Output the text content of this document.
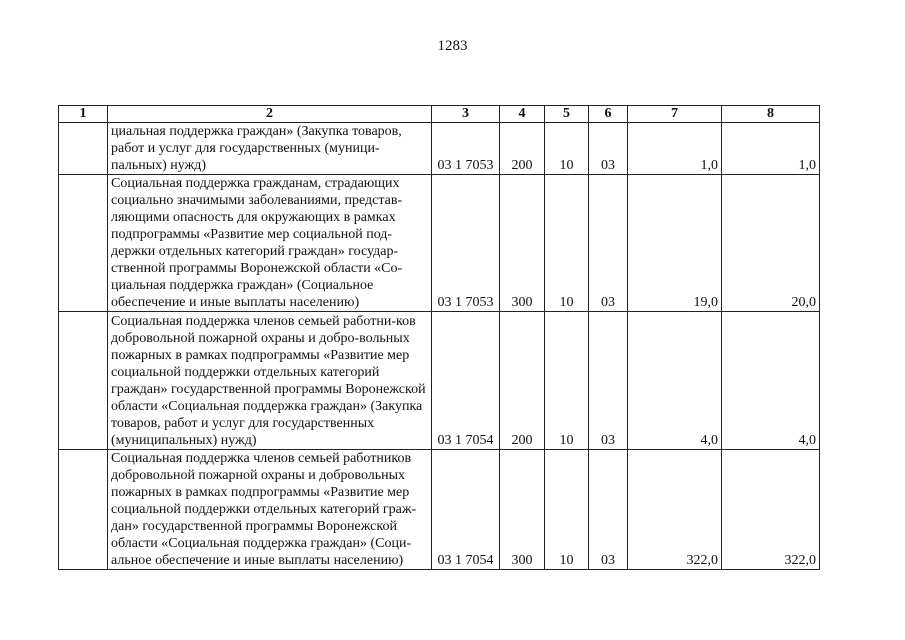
1283
1	2	3	4	5	6	7	8
	циальная поддержка граждан» (Закупка товаров, работ и услуг для государственных (муници-пальных) нужд)	03 1 7053	200	10	03	1,0	1,0
	Социальная поддержка гражданам, страдающих социально значимыми заболеваниями, представ-ляющими опасность для окружающих в рамках подпрограммы «Развитие мер социальной под-держки отдельных категорий граждан» государ-ственной программы Воронежской области «Со-циальная поддержка граждан» (Социальное обеспечение и иные выплаты населению)	03 1 7053	300	10	03	19,0	20,0
	Социальная поддержка членов семьей работни-ков добровольной пожарной охраны и добро-вольных пожарных в рамках подпрограммы «Развитие мер социальной поддержки отдельных категорий граждан» государственной программы Воронежской области «Социальная поддержка граждан» (Закупка товаров, работ и услуг для государственных (муниципальных) нужд)	03 1 7054	200	10	03	4,0	4,0
	Социальная поддержка членов семьей работников добровольной пожарной охраны и добровольных пожарных в рамках подпрограммы «Развитие мер социальной поддержки отдельных категорий граж-дан» государственной программы Воронежской области «Социальная поддержка граждан» (Соци-альное обеспечение и иные выплаты населению)	03 1 7054	300	10	03	322,0	322,0
